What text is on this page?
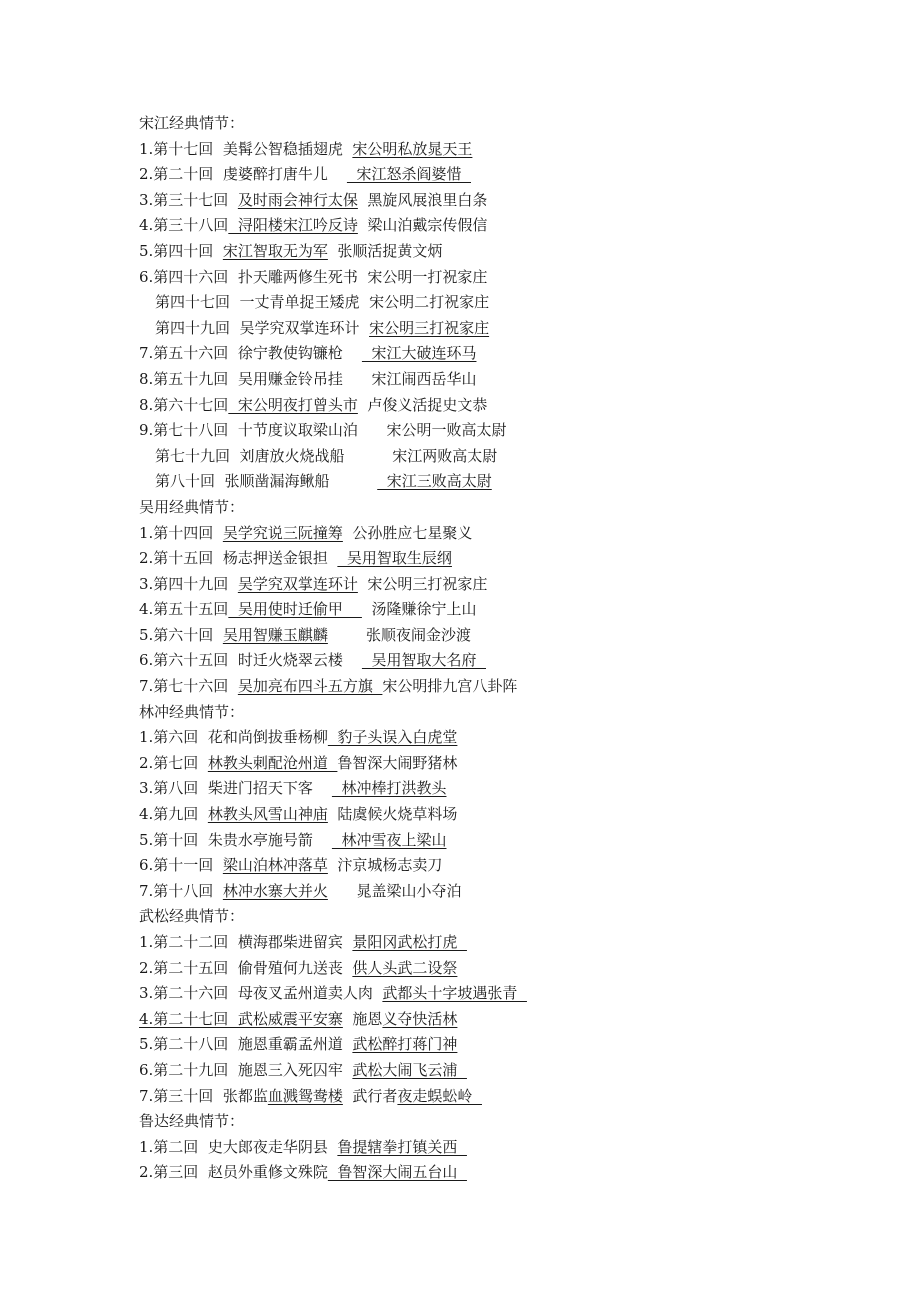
宋江经典情节：
1.第十七回  美髯公智稳插翅虎  宋公明私放晁天王
2.第二十回  虔婆醉打唐牛儿      宋江怒杀阎婆惜
3.第三十七回  及时雨会神行太保  黑旋风展浪里白条
4.第三十八回  浔阳楼宋江吟反诗  梁山泊戴宗传假信
5.第四十回  宋江智取无为军  张顺活捉黄文炳
6.第四十六回  扑天雕两修生死书  宋公明一打祝家庄
第四十七回  一丈青单捉王矮虎  宋公明二打祝家庄
第四十九回  吴学究双掌连环计  宋公明三打祝家庄
7.第五十六回  徐宁教使钩镰枪      宋江大破连环马
8.第五十九回  吴用赚金铃吊挂      宋江闹西岳华山
8.第六十七回  宋公明夜打曾头市  卢俊义活捉史文恭
9.第七十八回  十节度议取梁山泊      宋公明一败高太尉
第七十九回  刘唐放火烧战船          宋江两败高太尉
第八十回  张顺凿漏海鳅船            宋江三败高太尉
吴用经典情节：
1.第十四回  吴学究说三阮撞筹  公孙胜应七星聚义
2.第十五回  杨志押送金银担    吴用智取生辰纲
3.第四十九回  吴学究双掌连环计  宋公明三打祝家庄
4.第五十五回  吴用使时迁偷甲      汤隆赚徐宁上山
5.第六十回  吴用智赚玉麒麟        张顺夜闹金沙渡
6.第六十五回  时迁火烧翠云楼      吴用智取大名府
7.第七十六回  吴加亮布四斗五方旗  宋公明排九宫八卦阵
林冲经典情节：
1.第六回  花和尚倒拔垂杨柳  豹子头误入白虎堂
2.第七回  林教头刺配沧州道  鲁智深大闹野猪林
3.第八回  柴进门招天下客      林冲棒打洪教头
4.第九回  林教头风雪山神庙  陆虞候火烧草料场
5.第十回  朱贵水亭施号箭      林冲雪夜上梁山
6.第十一回  梁山泊林冲落草  汴京城杨志卖刀
7.第十八回  林冲水寨大并火      晁盖梁山小夺泊
武松经典情节：
1.第二十二回  横海郡柴进留宾  景阳冈武松打虎
2.第二十五回  偷骨殖何九送丧  供人头武二设祭
3.第二十六回  母夜叉孟州道卖人肉  武都头十字坡遇张青
4.第二十七回  武松威震平安寨  施恩义夺快活林
5.第二十八回  施恩重霸孟州道  武松醉打蒋门神
6.第二十九回  施恩三入死囚牢  武松大闹飞云浦
7.第三十回  张都监血溅鸳鸯楼  武行者夜走蜈蚣岭
鲁达经典情节：
1.第二回  史大郎夜走华阴县  鲁提辖拳打镇关西
2.第三回  赵员外重修文殊院  鲁智深大闹五台山
